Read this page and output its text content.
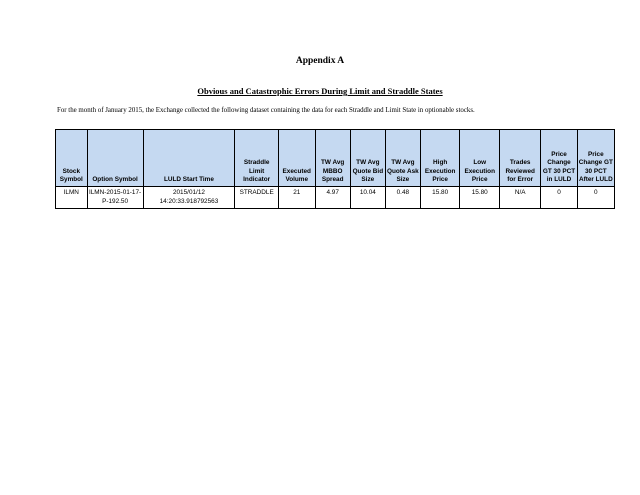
Appendix A
Obvious and Catastrophic Errors During Limit and Straddle States
For the month of January 2015, the Exchange collected the following dataset containing the data for each Straddle and Limit State in optionable stocks.
Stock Symbol	Option Symbol	LULD Start Time	Straddle Limit Indicator	Executed Volume	TW Avg MBBO Spread	TW Avg Quote Bid Size	TW Avg Quote Ask Size	High Execution Price	Low Execution Price	Trades Reviewed for Error	Price Change GT 30 PCT in LULD	Price Change GT 30 PCT After LULD
ILMN	ILMN-2015-01-17-P-192.50	2015/01/12 14:20:33.918792563	STRADDLE	21	4.97	10.04	0.48	15.80	15.80	N/A	0	0
